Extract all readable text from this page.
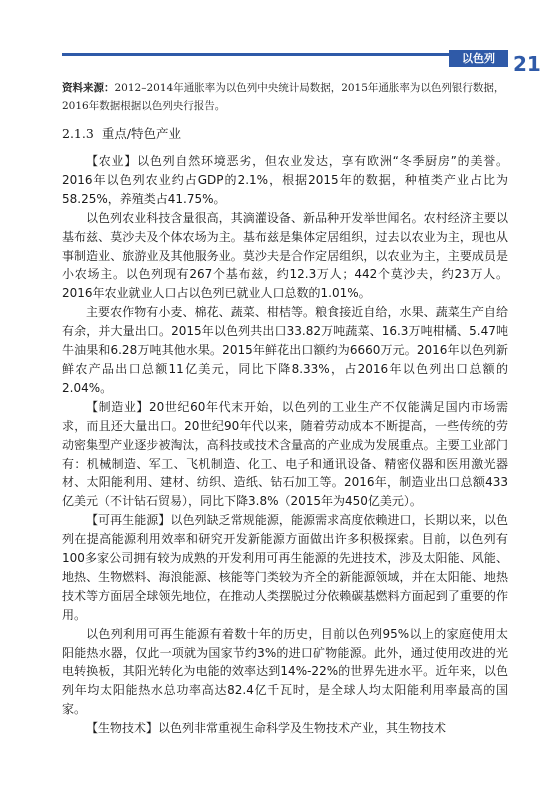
以色列 21
资料来源：2012–2014年通胀率为以色列中央统计局数据，2015年通胀率为以色列银行数据，2016年数据根据以色列央行报告。
2.1.3 重点/特色产业

【农业】以色列自然环境恶劣，但农业发达，享有欧洲“冬季厨房”的美誉。2016年以色列农业约占GDP的2.1%，根据2015年的数据，种植类产业占比为58.25%，养殖类占41.75%。

以色列农业科技含量很高，其滴灌设备、新品种开发举世闻名。农村经济主要以基布兹、莫沙夫及个体农场为主。基布兹是集体定居组织，过去以农业为主，现也从事制造业、旅游业及其他服务业。莫沙夫是合作定居组织，以农业为主，主要成员是小农场主。以色列现有267个基布兹，约12.3万人；442个莫沙夫，约23万人。2016年农业就业人口占以色列已就业人口总数的1.01%。

主要农作物有小麦、棉花、蔬菜、柑桔等。粮食接近自给，水果、蔬菜生产自给有余，并大量出口。2015年以色列共出口33.82万吨蔬菜、16.3万吨柑橘、5.47吨牛油果和6.28万吨其他水果。2015年鲜花出口额约为6660万元。2016年以色列新鲜农产品出口总额11亿美元，同比下降8.33%，占2016年以色列出口总额的2.04%。

【制造业】20世纪60年代末开始，以色列的工业生产不仅能满足国内市场需求，而且还大量出口。20世纪90年代以来，随着劳动成本不断提高，一些传统的劳动密集型产业逐步被淘汰，高科技或技术含量高的产业成为发展重点。主要工业部门有：机械制造、军工、飞机制造、化工、电子和通讯设备、精密仪器和医用激光器材、太阳能利用、建材、纺织、造纸、钻石加工等。2016年，制造业出口总额433亿美元（不计钻石贸易），同比下降3.8%（2015年为450亿美元）。

【可再生能源】以色列缺乏常规能源，能源需求高度依赖进口，长期以来，以色列在提高能源利用效率和研究开发新能源方面做出许多积极探索。目前，以色列有100多家公司拥有较为成熟的开发利用可再生能源的先进技术，涉及太阳能、风能、地热、生物燃料、海浪能源、核能等门类较为齐全的新能源领域，并在太阳能、地热技术等方面居全球领先地位，在推动人类摆脱过分依赖碳基燃料方面起到了重要的作用。

以色列利用可再生能源有着数十年的历史，目前以色列95%以上的家庭使用太阳能热水器，仅此一项就为国家节约3%的进口矿物能源。此外，通过使用改进的光电转换板，其阳光转化为电能的效率达到14%-22%的世界先进水平。近年来，以色列年均太阳能热水总功率高达82.4亿千瓦时，是全球人均太阳能利用率最高的国家。

【生物技术】以色列非常重视生命科学及生物技术产业，其生物技术
